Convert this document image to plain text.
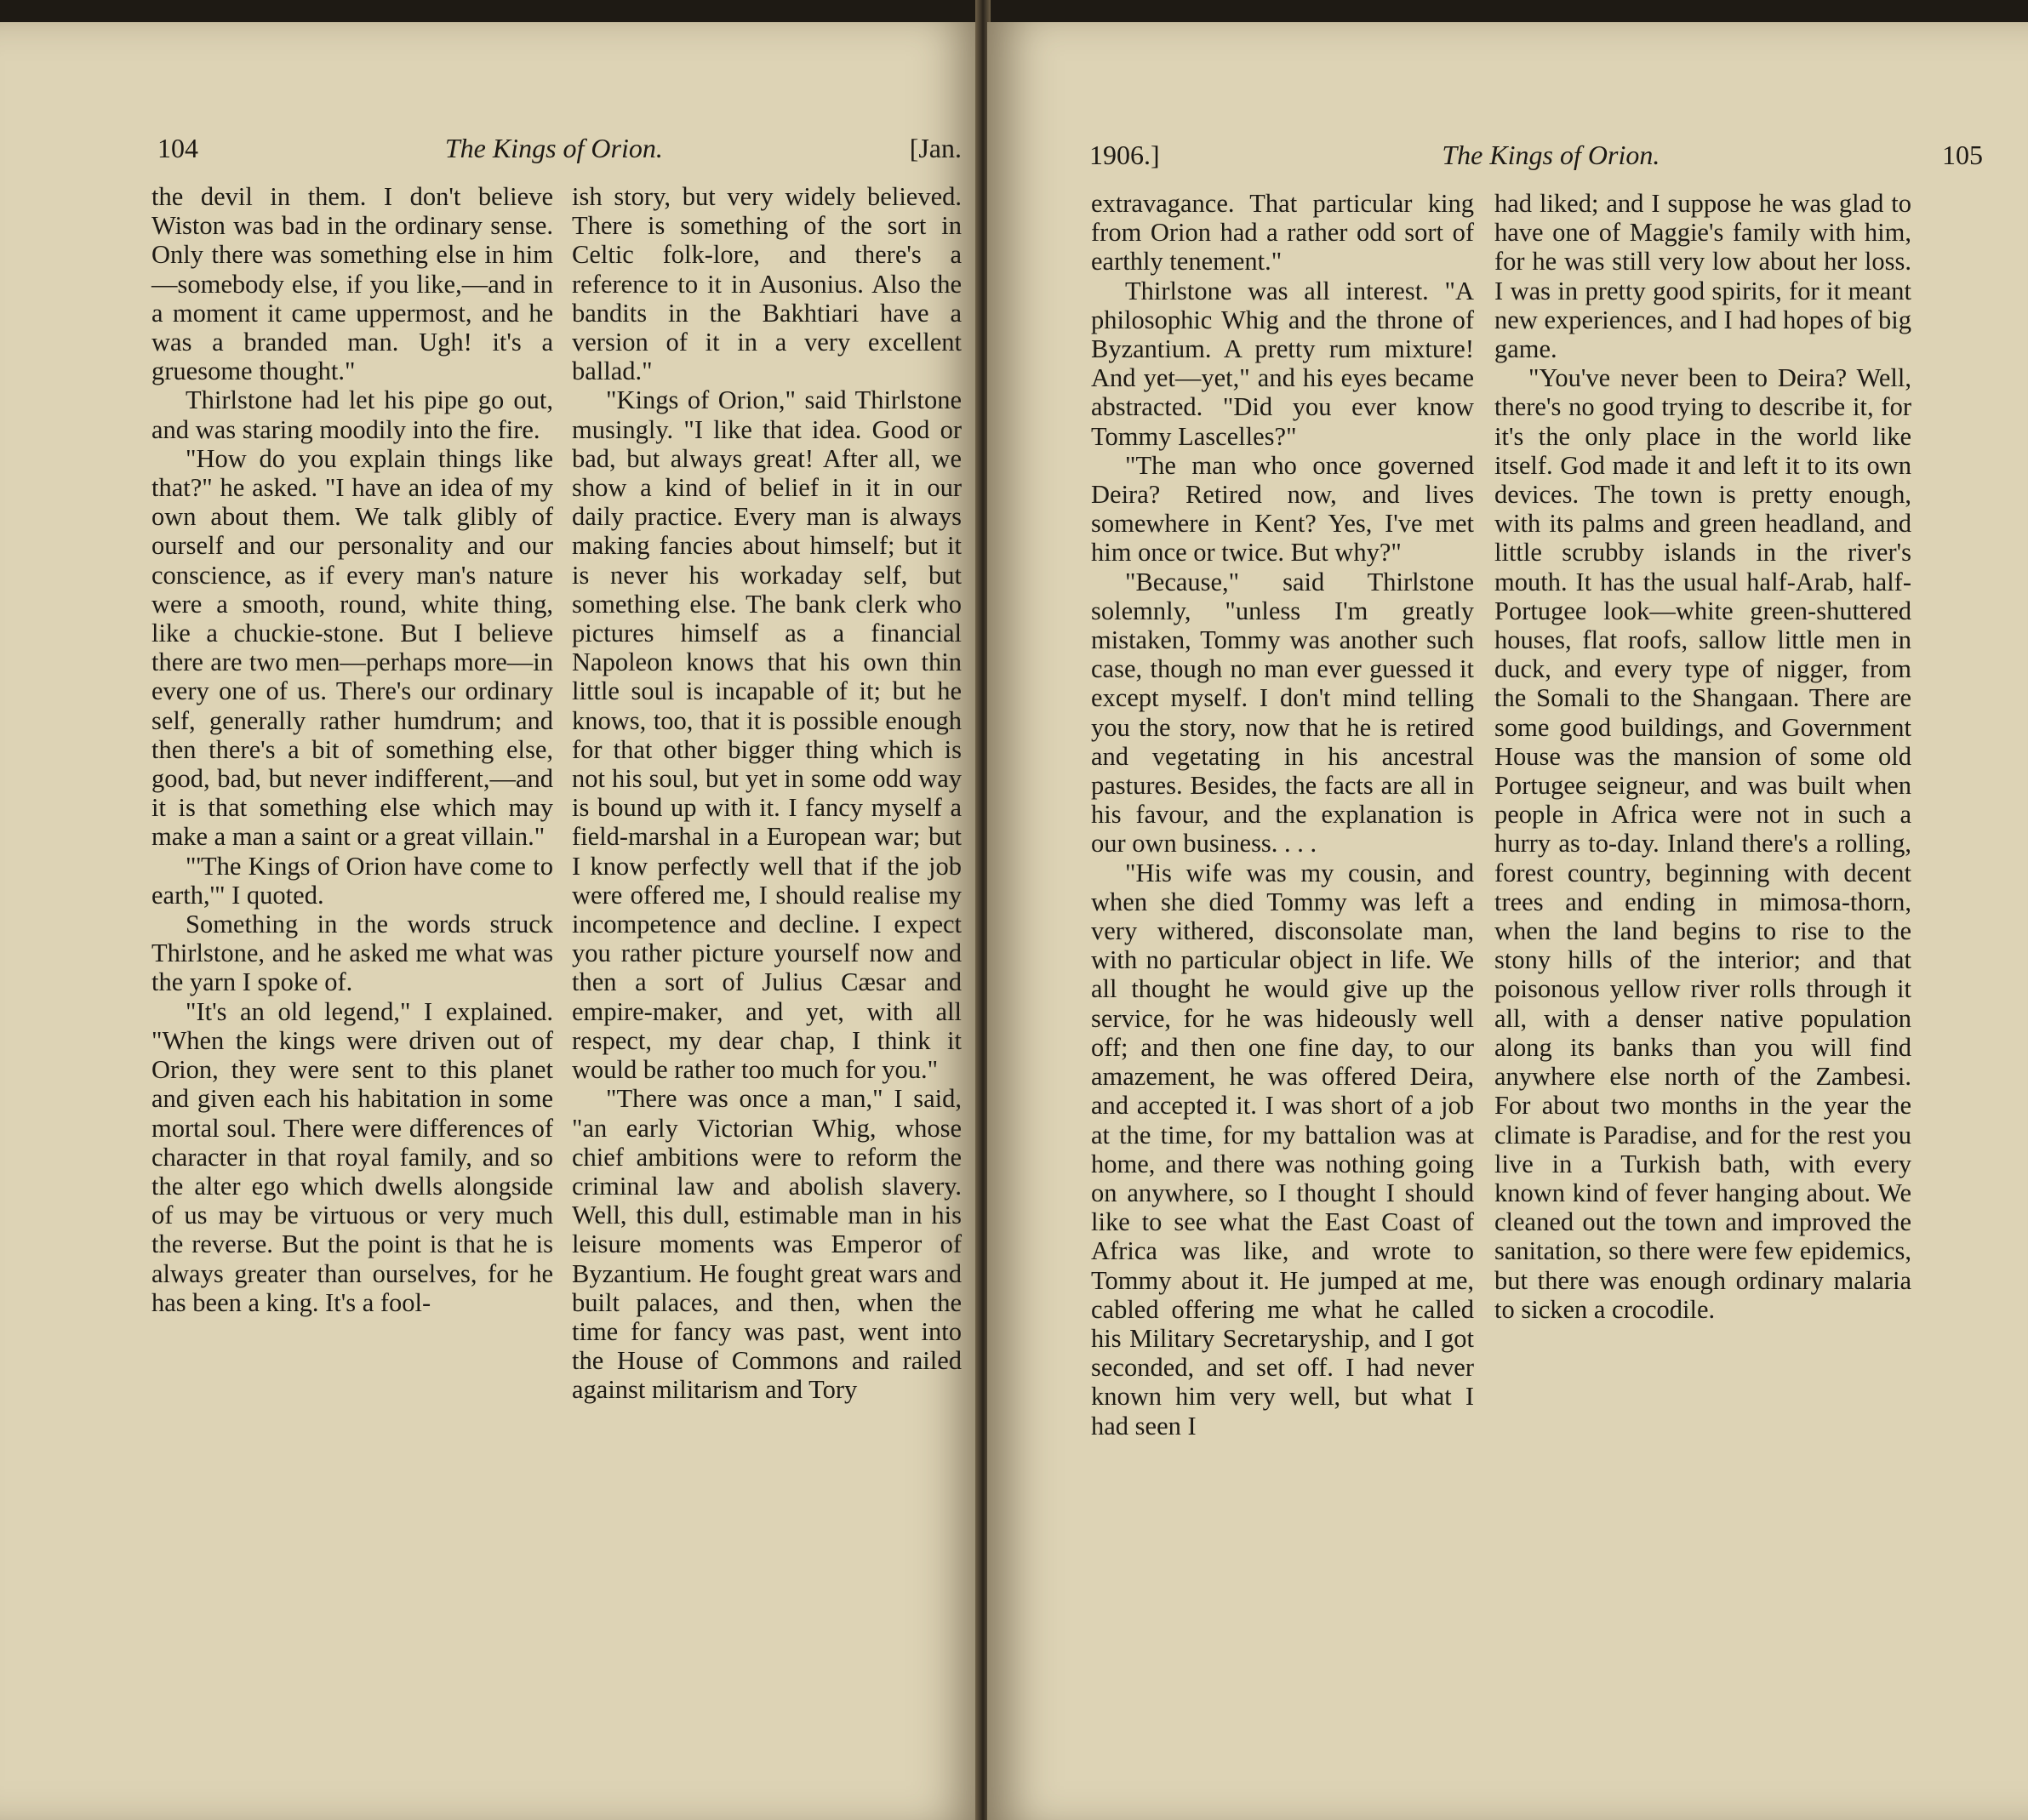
104	The Kings of Orion.	[Jan.

the devil in them. I don't believe Wiston was bad in the ordinary sense. Only there was something else in him—somebody else, if you like,—and in a moment it came uppermost, and he was a branded man. Ugh! it's a gruesome thought."

Thirlstone had let his pipe go out, and was staring moodily into the fire.

"How do you explain things like that?" he asked. "I have an idea of my own about them. We talk glibly of ourself and our personality and our conscience, as if every man's nature were a smooth, round, white thing, like a chuckie-stone. But I believe there are two men—perhaps more—in every one of us. There's our ordinary self, generally rather humdrum; and then there's a bit of something else, good, bad, but never indifferent,—and it is that something else which may make a man a saint or a great villain."

"'The Kings of Orion have come to earth,'" I quoted.

Something in the words struck Thirlstone, and he asked me what was the yarn I spoke of.

"It's an old legend," I explained. "When the kings were driven out of Orion, they were sent to this planet and given each his habitation in some mortal soul. There were differences of character in that royal family, and so the alter ego which dwells alongside of us may be virtuous or very much the reverse. But the point is that he is always greater than ourselves, for he has been a king. It's a fool-

ish story, but very widely believed. There is something of the sort in Celtic folk-lore, and there's a reference to it in Ausonius. Also the bandits in the Bakhtiari have a version of it in a very excellent ballad."

"Kings of Orion," said Thirlstone musingly. "I like that idea. Good or bad, but always great! After all, we show a kind of belief in it in our daily practice. Every man is always making fancies about himself; but it is never his workaday self, but something else. The bank clerk who pictures himself as a financial Napoleon knows that his own thin little soul is incapable of it; but he knows, too, that it is possible enough for that other bigger thing which is not his soul, but yet in some odd way is bound up with it. I fancy myself a field-marshal in a European war; but I know perfectly well that if the job were offered me, I should realise my incompetence and decline. I expect you rather picture yourself now and then a sort of Julius Cæsar and empire-maker, and yet, with all respect, my dear chap, I think it would be rather too much for you."

"There was once a man," I said, "an early Victorian Whig, whose chief ambitions were to reform the criminal law and abolish slavery. Well, this dull, estimable man in his leisure moments was Emperor of Byzantium. He fought great wars and built palaces, and then, when the time for fancy was past, went into the House of Commons and railed against militarism and Tory

1906.]	The Kings of Orion.	105

extravagance. That particular king from Orion had a rather odd sort of earthly tenement."

Thirlstone was all interest. "A philosophic Whig and the throne of Byzantium. A pretty rum mixture! And yet—yet," and his eyes became abstracted. "Did you ever know Tommy Lascelles?"

"The man who once governed Deira? Retired now, and lives somewhere in Kent? Yes, I've met him once or twice. But why?"

"Because," said Thirlstone solemnly, "unless I'm greatly mistaken, Tommy was another such case, though no man ever guessed it except myself. I don't mind telling you the story, now that he is retired and vegetating in his ancestral pastures. Besides, the facts are all in his favour, and the explanation is our own business. . . .

"His wife was my cousin, and when she died Tommy was left a very withered, disconsolate man, with no particular object in life. We all thought he would give up the service, for he was hideously well off; and then one fine day, to our amazement, he was offered Deira, and accepted it. I was short of a job at the time, for my battalion was at home, and there was nothing going on anywhere, so I thought I should like to see what the East Coast of Africa was like, and wrote to Tommy about it. He jumped at me, cabled offering me what he called his Military Secretaryship, and I got seconded, and set off. I had never known him very well, but what I had seen I

had liked; and I suppose he was glad to have one of Maggie's family with him, for he was still very low about her loss. I was in pretty good spirits, for it meant new experiences, and I had hopes of big game.

"You've never been to Deira? Well, there's no good trying to describe it, for it's the only place in the world like itself. God made it and left it to its own devices. The town is pretty enough, with its palms and green headland, and little scrubby islands in the river's mouth. It has the usual half-Arab, half-Portugee look—white green-shuttered houses, flat roofs, sallow little men in duck, and every type of nigger, from the Somali to the Shangaan. There are some good buildings, and Government House was the mansion of some old Portugee seigneur, and was built when people in Africa were not in such a hurry as to-day. Inland there's a rolling, forest country, beginning with decent trees and ending in mimosa-thorn, when the land begins to rise to the stony hills of the interior; and that poisonous yellow river rolls through it all, with a denser native population along its banks than you will find anywhere else north of the Zambesi. For about two months in the year the climate is Paradise, and for the rest you live in a Turkish bath, with every known kind of fever hanging about. We cleaned out the town and improved the sanitation, so there were few epidemics, but there was enough ordinary malaria to sicken a crocodile.
